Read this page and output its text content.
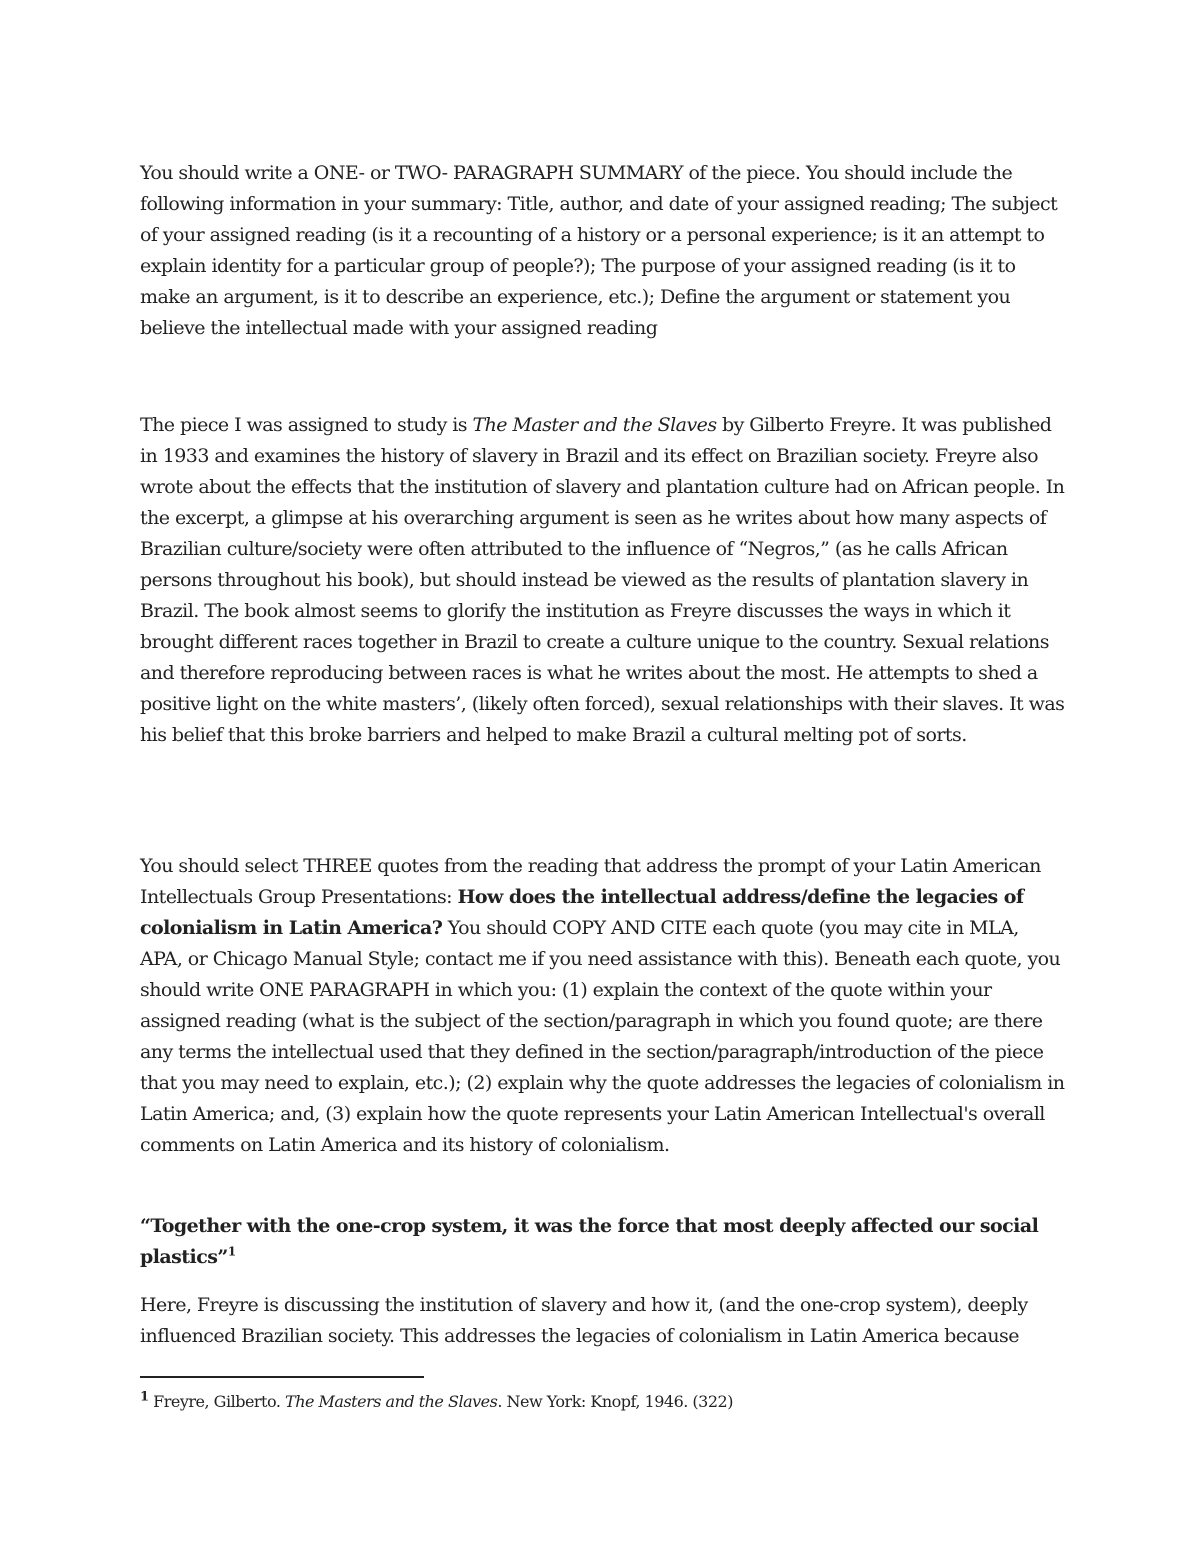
You should write a ONE- or TWO- PARAGRAPH SUMMARY of the piece. You should include the following information in your summary: Title, author, and date of your assigned reading; The subject of your assigned reading (is it a recounting of a history or a personal experience; is it an attempt to explain identity for a particular group of people?); The purpose of your assigned reading (is it to make an argument, is it to describe an experience, etc.); Define the argument or statement you believe the intellectual made with your assigned reading

The piece I was assigned to study is The Master and the Slaves by Gilberto Freyre. It was published in 1933 and examines the history of slavery in Brazil and its effect on Brazilian society. Freyre also wrote about the effects that the institution of slavery and plantation culture had on African people. In the excerpt, a glimpse at his overarching argument is seen as he writes about how many aspects of Brazilian culture/society were often attributed to the influence of “Negros,” (as he calls African persons throughout his book), but should instead be viewed as the results of plantation slavery in Brazil. The book almost seems to glorify the institution as Freyre discusses the ways in which it brought different races together in Brazil to create a culture unique to the country. Sexual relations and therefore reproducing between races is what he writes about the most. He attempts to shed a positive light on the white masters’, (likely often forced), sexual relationships with their slaves. It was his belief that this broke barriers and helped to make Brazil a cultural melting pot of sorts.

You should select THREE quotes from the reading that address the prompt of your Latin American Intellectuals Group Presentations: How does the intellectual address/define the legacies of colonialism in Latin America? You should COPY AND CITE each quote (you may cite in MLA, APA, or Chicago Manual Style; contact me if you need assistance with this). Beneath each quote, you should write ONE PARAGRAPH in which you: (1) explain the context of the quote within your assigned reading (what is the subject of the section/paragraph in which you found quote; are there any terms the intellectual used that they defined in the section/paragraph/introduction of the piece that you may need to explain, etc.); (2) explain why the quote addresses the legacies of colonialism in Latin America; and, (3) explain how the quote represents your Latin American Intellectual's overall comments on Latin America and its history of colonialism.

“Together with the one-crop system, it was the force that most deeply affected our social plastics”$^1$

Here, Freyre is discussing the institution of slavery and how it, (and the one-crop system), deeply influenced Brazilian society. This addresses the legacies of colonialism in Latin America because

$^1$ Freyre, Gilberto. The Masters and the Slaves. New York: Knopf, 1946. (322)
